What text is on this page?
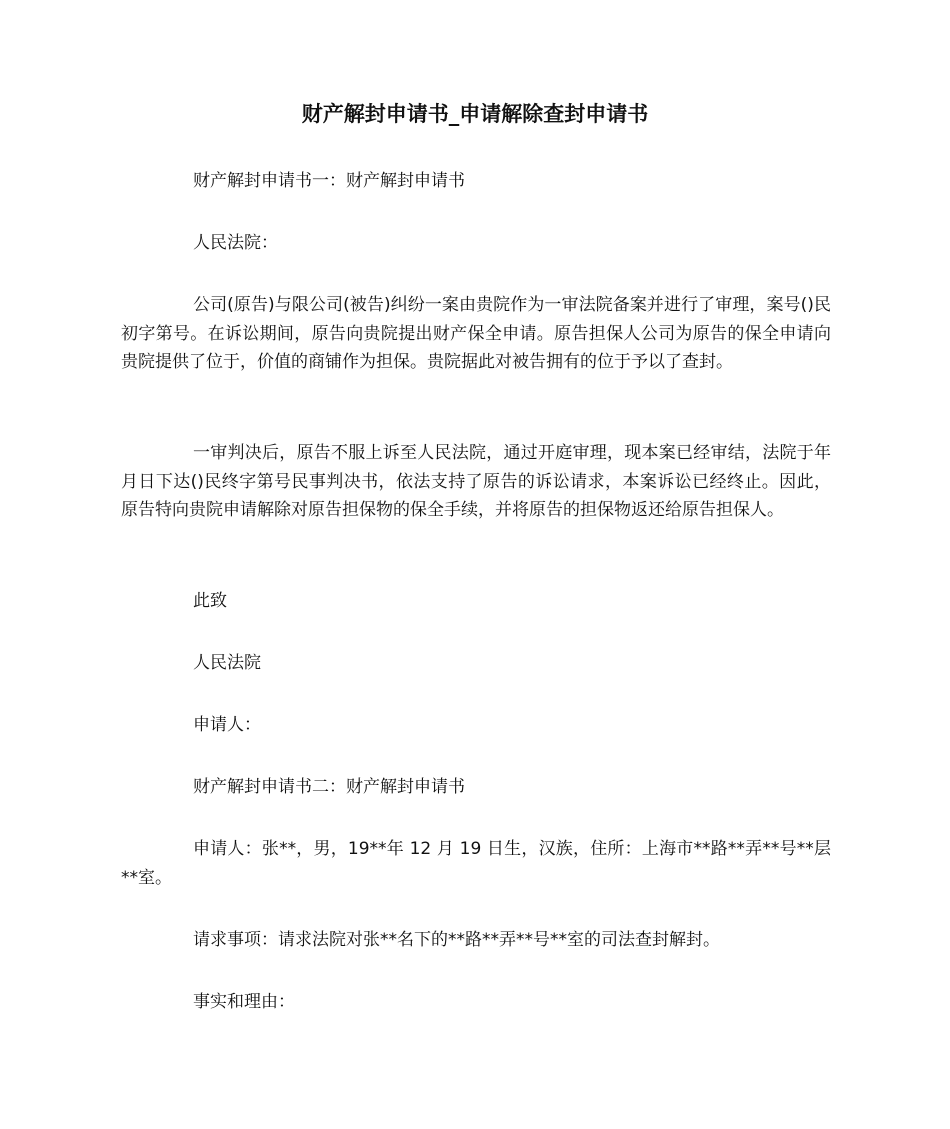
财产解封申请书_申请解除查封申请书

财产解封申请书一：财产解封申请书

人民法院：

公司(原告)与限公司(被告)纠纷一案由贵院作为一审法院备案并进行了审理，案号()民初字第号。在诉讼期间，原告向贵院提出财产保全申请。原告担保人公司为原告的保全申请向贵院提供了位于，价值的商铺作为担保。贵院据此对被告拥有的位于予以了查封。

一审判决后，原告不服上诉至人民法院，通过开庭审理，现本案已经审结，法院于年月日下达()民终字第号民事判决书，依法支持了原告的诉讼请求，本案诉讼已经终止。因此，原告特向贵院申请解除对原告担保物的保全手续，并将原告的担保物返还给原告担保人。

此致

人民法院

申请人：

财产解封申请书二：财产解封申请书

申请人：张**，男，19**年 12 月 19 日生，汉族，住所：上海市**路**弄**号**层**室。

请求事项：请求法院对张**名下的**路**弄**号**室的司法查封解封。

事实和理由：
